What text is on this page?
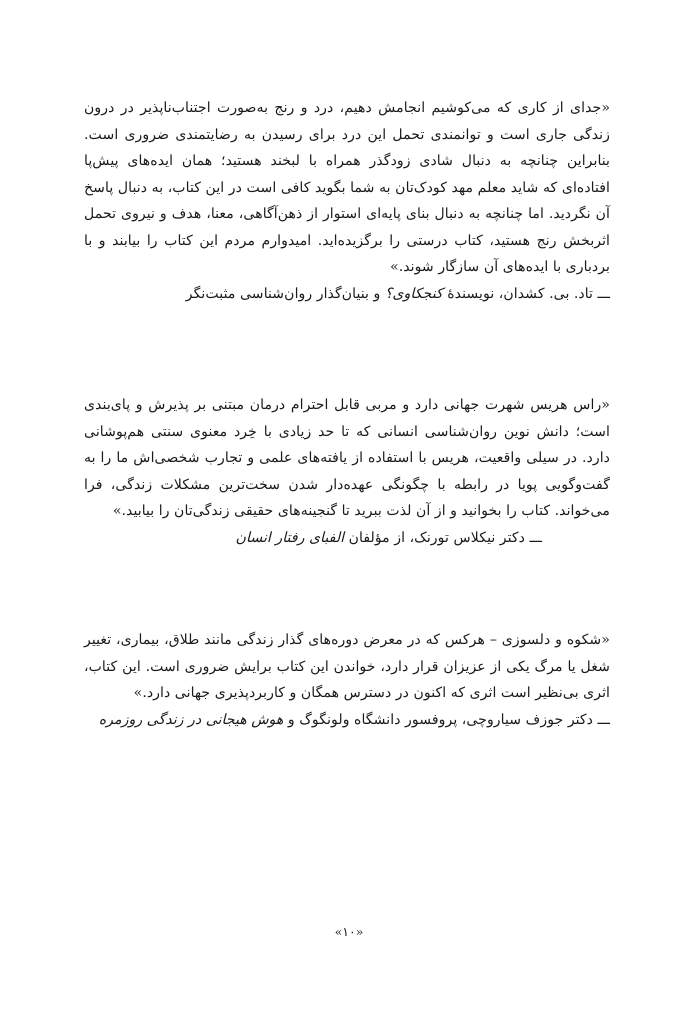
«جدای از کاری که می‌کوشیم انجامش دهیم، درد و رنج به‌صورت اجتناب‌ناپذیر در درون زندگی جاری است و توانمندی تحمل این درد برای رسیدن به رضایتمندی ضروری است. بنابراین چنانچه به دنبال شادی زودگذر همراه با لبخند هستید؛ همان ایده‌های پیش‌پا افتاده‌ای که شاید معلم مهد کودک‌تان به شما بگوید کافی است در این کتاب، به دنبال پاسخ آن نگردید. اما چنانچه به دنبال بنای پایه‌ای استوار از ذهن‌آگاهی، معنا، هدف و نیروی تحمل اثربخش رنج هستید، کتاب درستی را برگزیده‌اید. امیدوارم مردم این کتاب را بیابند و با بردباری با ایده‌های آن سازگار شوند.»

ـــ تاد. بی. کشدان، نویسندۀ کنجکاوی؟ و بنیان‌گذار روان‌شناسی مثبت‌نگر

«راس هریس شهرت جهانی دارد و مربی قابل احترام درمان مبتنی بر پذیرش و پای‌بندی است؛ دانش نوین روان‌شناسی انسانی که تا حد زیادی با خِرد معنوی سنتی هم‌پوشانی دارد. در سیلی واقعیت، هریس با استفاده از یافته‌های علمی و تجارب شخصی‌اش ما را به گفت‌وگویی پویا در رابطه با چگونگی عهده‌دار شدن سخت‌ترین مشکلات زندگی، فرا می‌خواند. کتاب را بخوانید و از آن لذت ببرید تا گنجینه‌های حقیقی زندگی‌تان را بیابید.»

ـــ دکتر نیکلاس تورنک، از مؤلفان الفبای رفتار انسان

«شکوه و دلسوزی – هرکس که در معرض دوره‌های گذار زندگی مانند طلاق، بیماری، تغییر شغل یا مرگ یکی از عزیزان قرار دارد، خواندن این کتاب برایش ضروری است. این کتاب، اثری بی‌نظیر است اثری که اکنون در دسترس همگان و کاربردپذیری جهانی دارد.»

ـــ دکتر جوزف سیاروچی، پروفسور دانشگاه ولونگوگ و هوش هیجانی در زندگی روزمره

«۱۰»
